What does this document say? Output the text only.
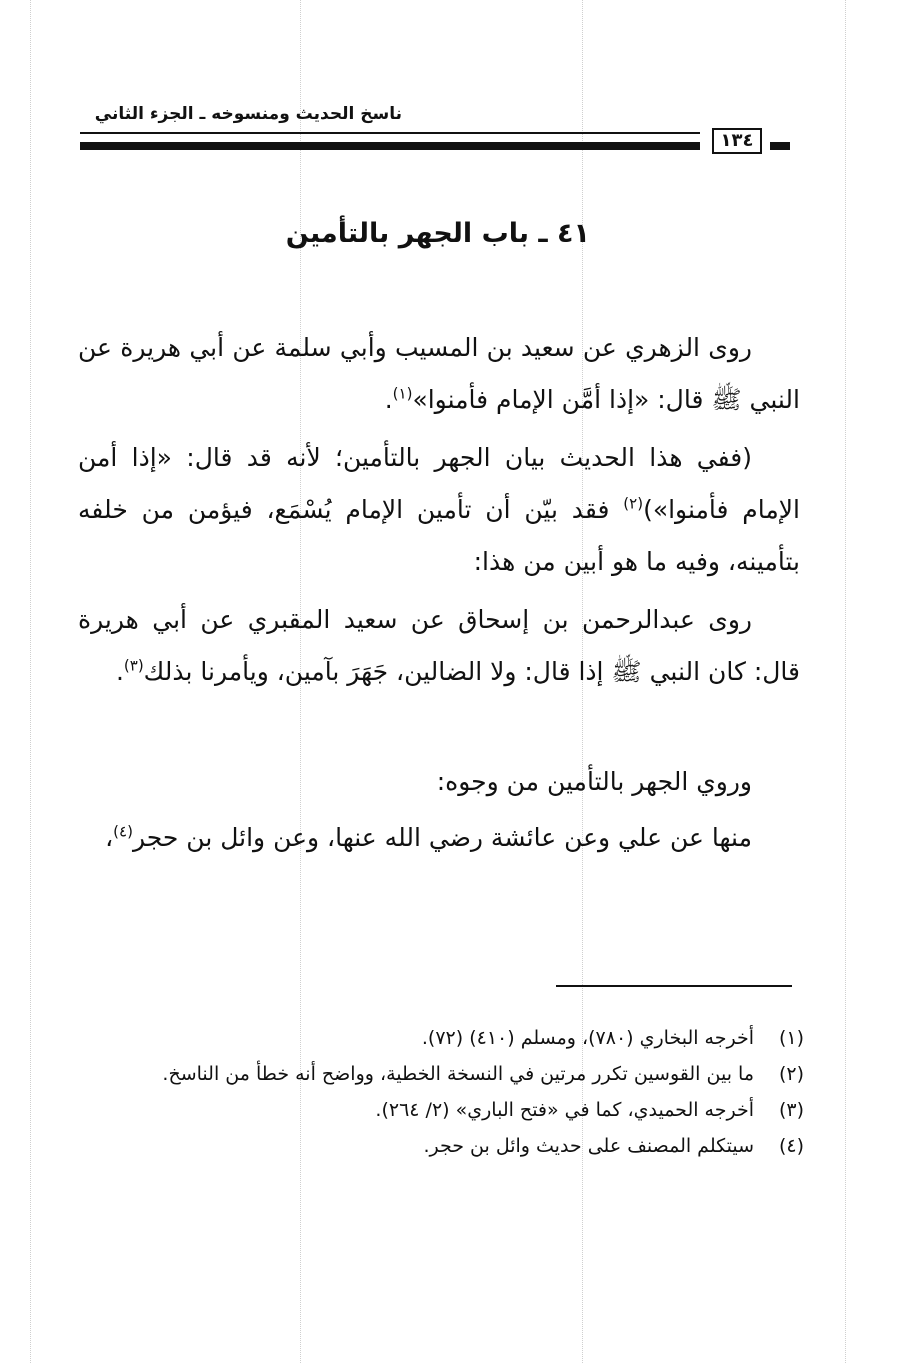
ناسخ الحديث ومنسوخه ـ الجزء الثاني
١٣٤
٤١ ـ باب الجهر بالتأمين

روى الزهري عن سعيد بن المسيب وأبي سلمة عن أبي هريرة عن النبي ﷺ قال: «إذا أمَّن الإمام فأمنوا»$^{(١)}$.

(ففي هذا الحديث بيان الجهر بالتأمين؛ لأنه قد قال: «إذا أمن الإمام فأمنوا»)$^{(٢)}$ فقد بيّن أن تأمين الإمام يُسْمَع، فيؤمن من خلفه بتأمينه، وفيه ما هو أبين من هذا:

روى عبدالرحمن بن إسحاق عن سعيد المقبري عن أبي هريرة قال: كان النبي ﷺ إذا قال: ولا الضالين، جَهَرَ بآمين، ويأمرنا بذلك$^{(٣)}$.

وروي الجهر بالتأمين من وجوه:

منها عن علي وعن عائشة رضي الله عنها، وعن وائل بن حجر$^{(٤)}$،

(١)
أخرجه البخاري (٧٨٠)، ومسلم (٤١٠) (٧٢).

(٢)
ما بين القوسين تكرر مرتين في النسخة الخطية، وواضح أنه خطأ من الناسخ.

(٣)
أخرجه الحميدي، كما في «فتح الباري» (٢/ ٢٦٤).

(٤)
سيتكلم المصنف على حديث وائل بن حجر.
